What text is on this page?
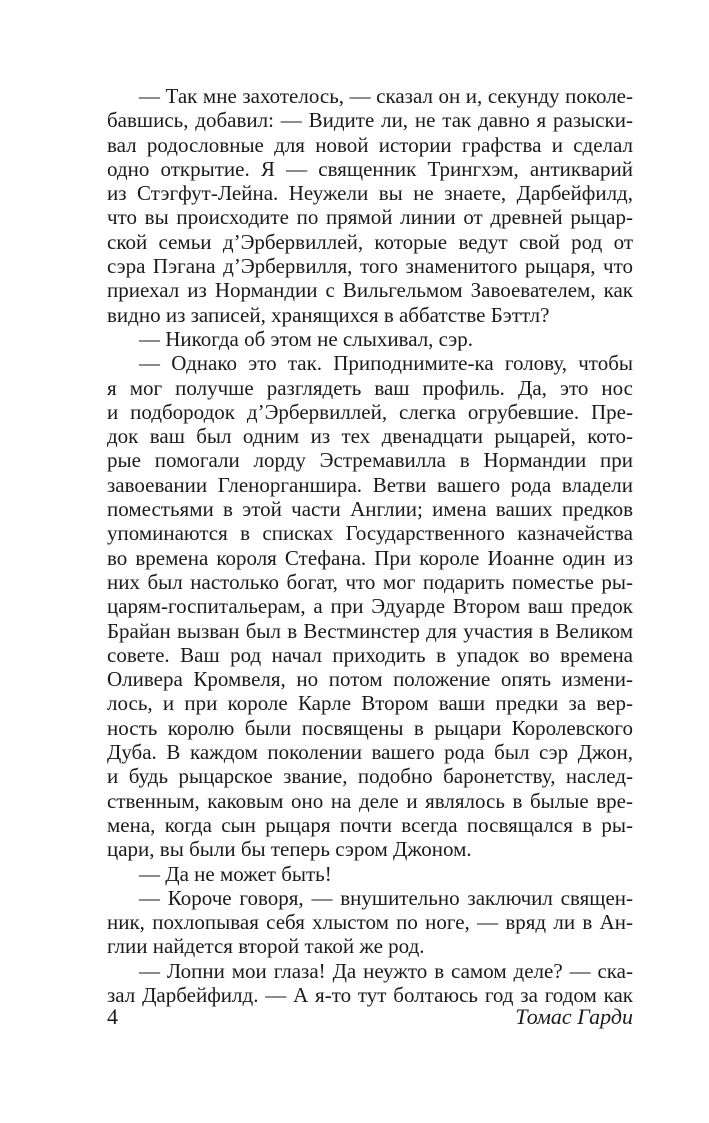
— Так мне захотелось, — сказал он и, секунду поколе-
бавшись, добавил: — Видите ли, не так давно я разыски-
вал родословные для новой истории графства и сделал
одно открытие. Я — священник Трингхэм, антикварий
из Стэгфут-Лейна. Неужели вы не знаете, Дарбейфилд,
что вы происходите по прямой линии от древней рыцар-
ской семьи д’Эрбервиллей, которые ведут свой род от
сэра Пэгана д’Эрбервилля, того знаменитого рыцаря, что
приехал из Нормандии с Вильгельмом Завоевателем, как
видно из записей, хранящихся в аббатстве Бэттл?
— Никогда об этом не слыхивал, сэр.
— Однако это так. Приподнимите-ка голову, чтобы
я мог получше разглядеть ваш профиль. Да, это нос
и подбородок д’Эрбервиллей, слегка огрубевшие. Пре-
док ваш был одним из тех двенадцати рыцарей, кото-
рые помогали лорду Эстремавилла в Нормандии при
завоевании Гленорганшира. Ветви вашего рода владели
поместьями в этой части Англии; имена ваших предков
упоминаются в списках Государственного казначейства
во времена короля Стефана. При короле Иоанне один из
них был настолько богат, что мог подарить поместье ры-
царям-госпитальерам, а при Эдуарде Втором ваш предок
Брайан вызван был в Вестминстер для участия в Великом
совете. Ваш род начал приходить в упадок во времена
Оливера Кромвеля, но потом положение опять измени-
лось, и при короле Карле Втором ваши предки за вер-
ность королю были посвящены в рыцари Королевского
Дуба. В каждом поколении вашего рода был сэр Джон,
и будь рыцарское звание, подобно баронетству, наслед-
ственным, каковым оно на деле и являлось в былые вре-
мена, когда сын рыцаря почти всегда посвящался в ры-
цари, вы были бы теперь сэром Джоном.
— Да не может быть!
— Короче говоря, — внушительно заключил священ-
ник, похлопывая себя хлыстом по ноге, — вряд ли в Ан-
глии найдется второй такой же род.
— Лопни мои глаза! Да неужто в самом деле? — ска-
зал Дарбейфилд. — А я-то тут болтаюсь год за годом как
4	Томас Гарди
